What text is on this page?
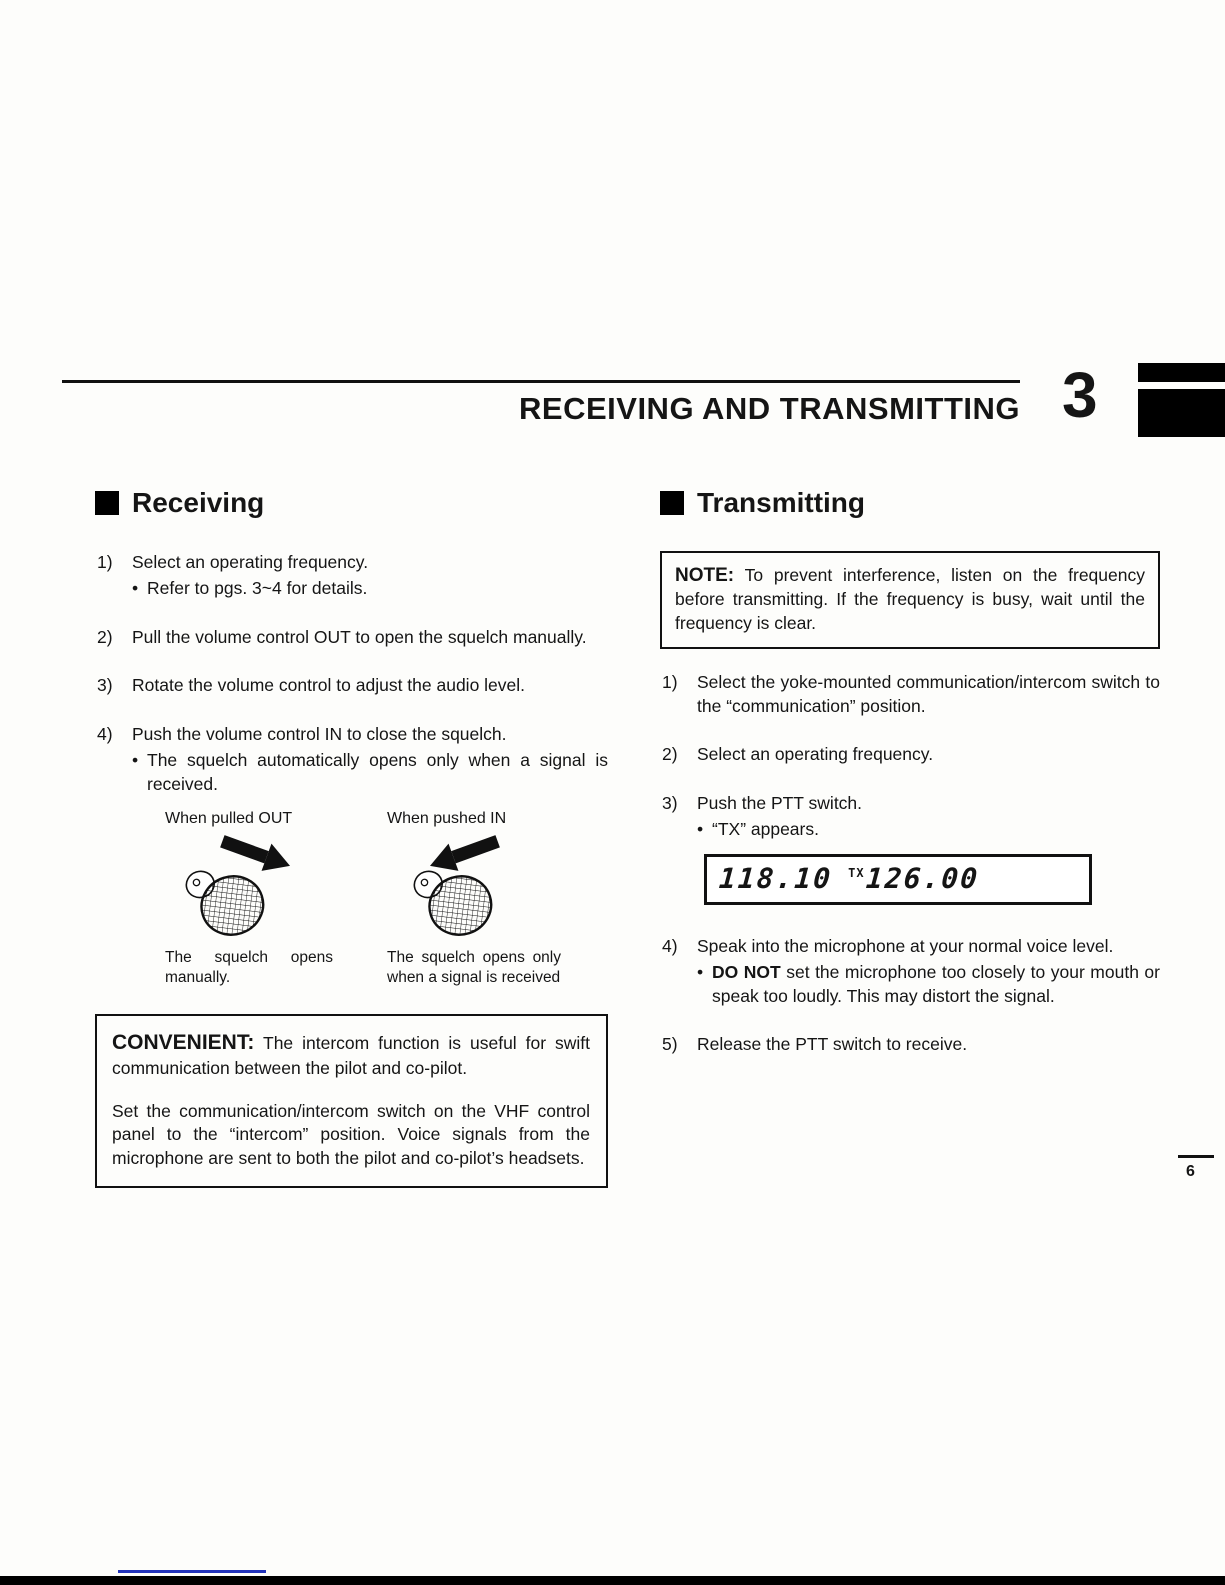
RECEIVING AND TRANSMITTING 3
Receiving
1)	Select an operating frequency.

•
Refer to pgs. 3~4 for details.
2)	Pull the volume control OUT to open the squelch manually.

3)	Rotate the volume control to adjust the audio level.

4)	Push the volume control IN to close the squelch.

•
The squelch automatically opens only when a signal is received.
When pulled OUT

The squelch opens manually.

When pushed IN

The squelch opens only when a signal is received

CONVENIENT: The intercom function is useful for swift communication between the pilot and co-pilot.

Set the communication/intercom switch on the VHF control panel to the “intercom” position. Voice signals from the microphone are sent to both the pilot and co-pilot’s headsets.

Transmitting

NOTE: To prevent interference, listen on the frequency before transmitting. If the frequency is busy, wait until the frequency is clear.

1)	Select the yoke-mounted communication/intercom switch to the “communication” position.

2)	Select an operating frequency.

3)	Push the PTT switch.

•
“TX” appears.
118.10 TX 126.00
4)	Speak into the microphone at your normal voice level.

•
DO NOT set the microphone too closely to your mouth or speak too loudly. This may distort the signal.
5)	Release the PTT switch to receive.

6
